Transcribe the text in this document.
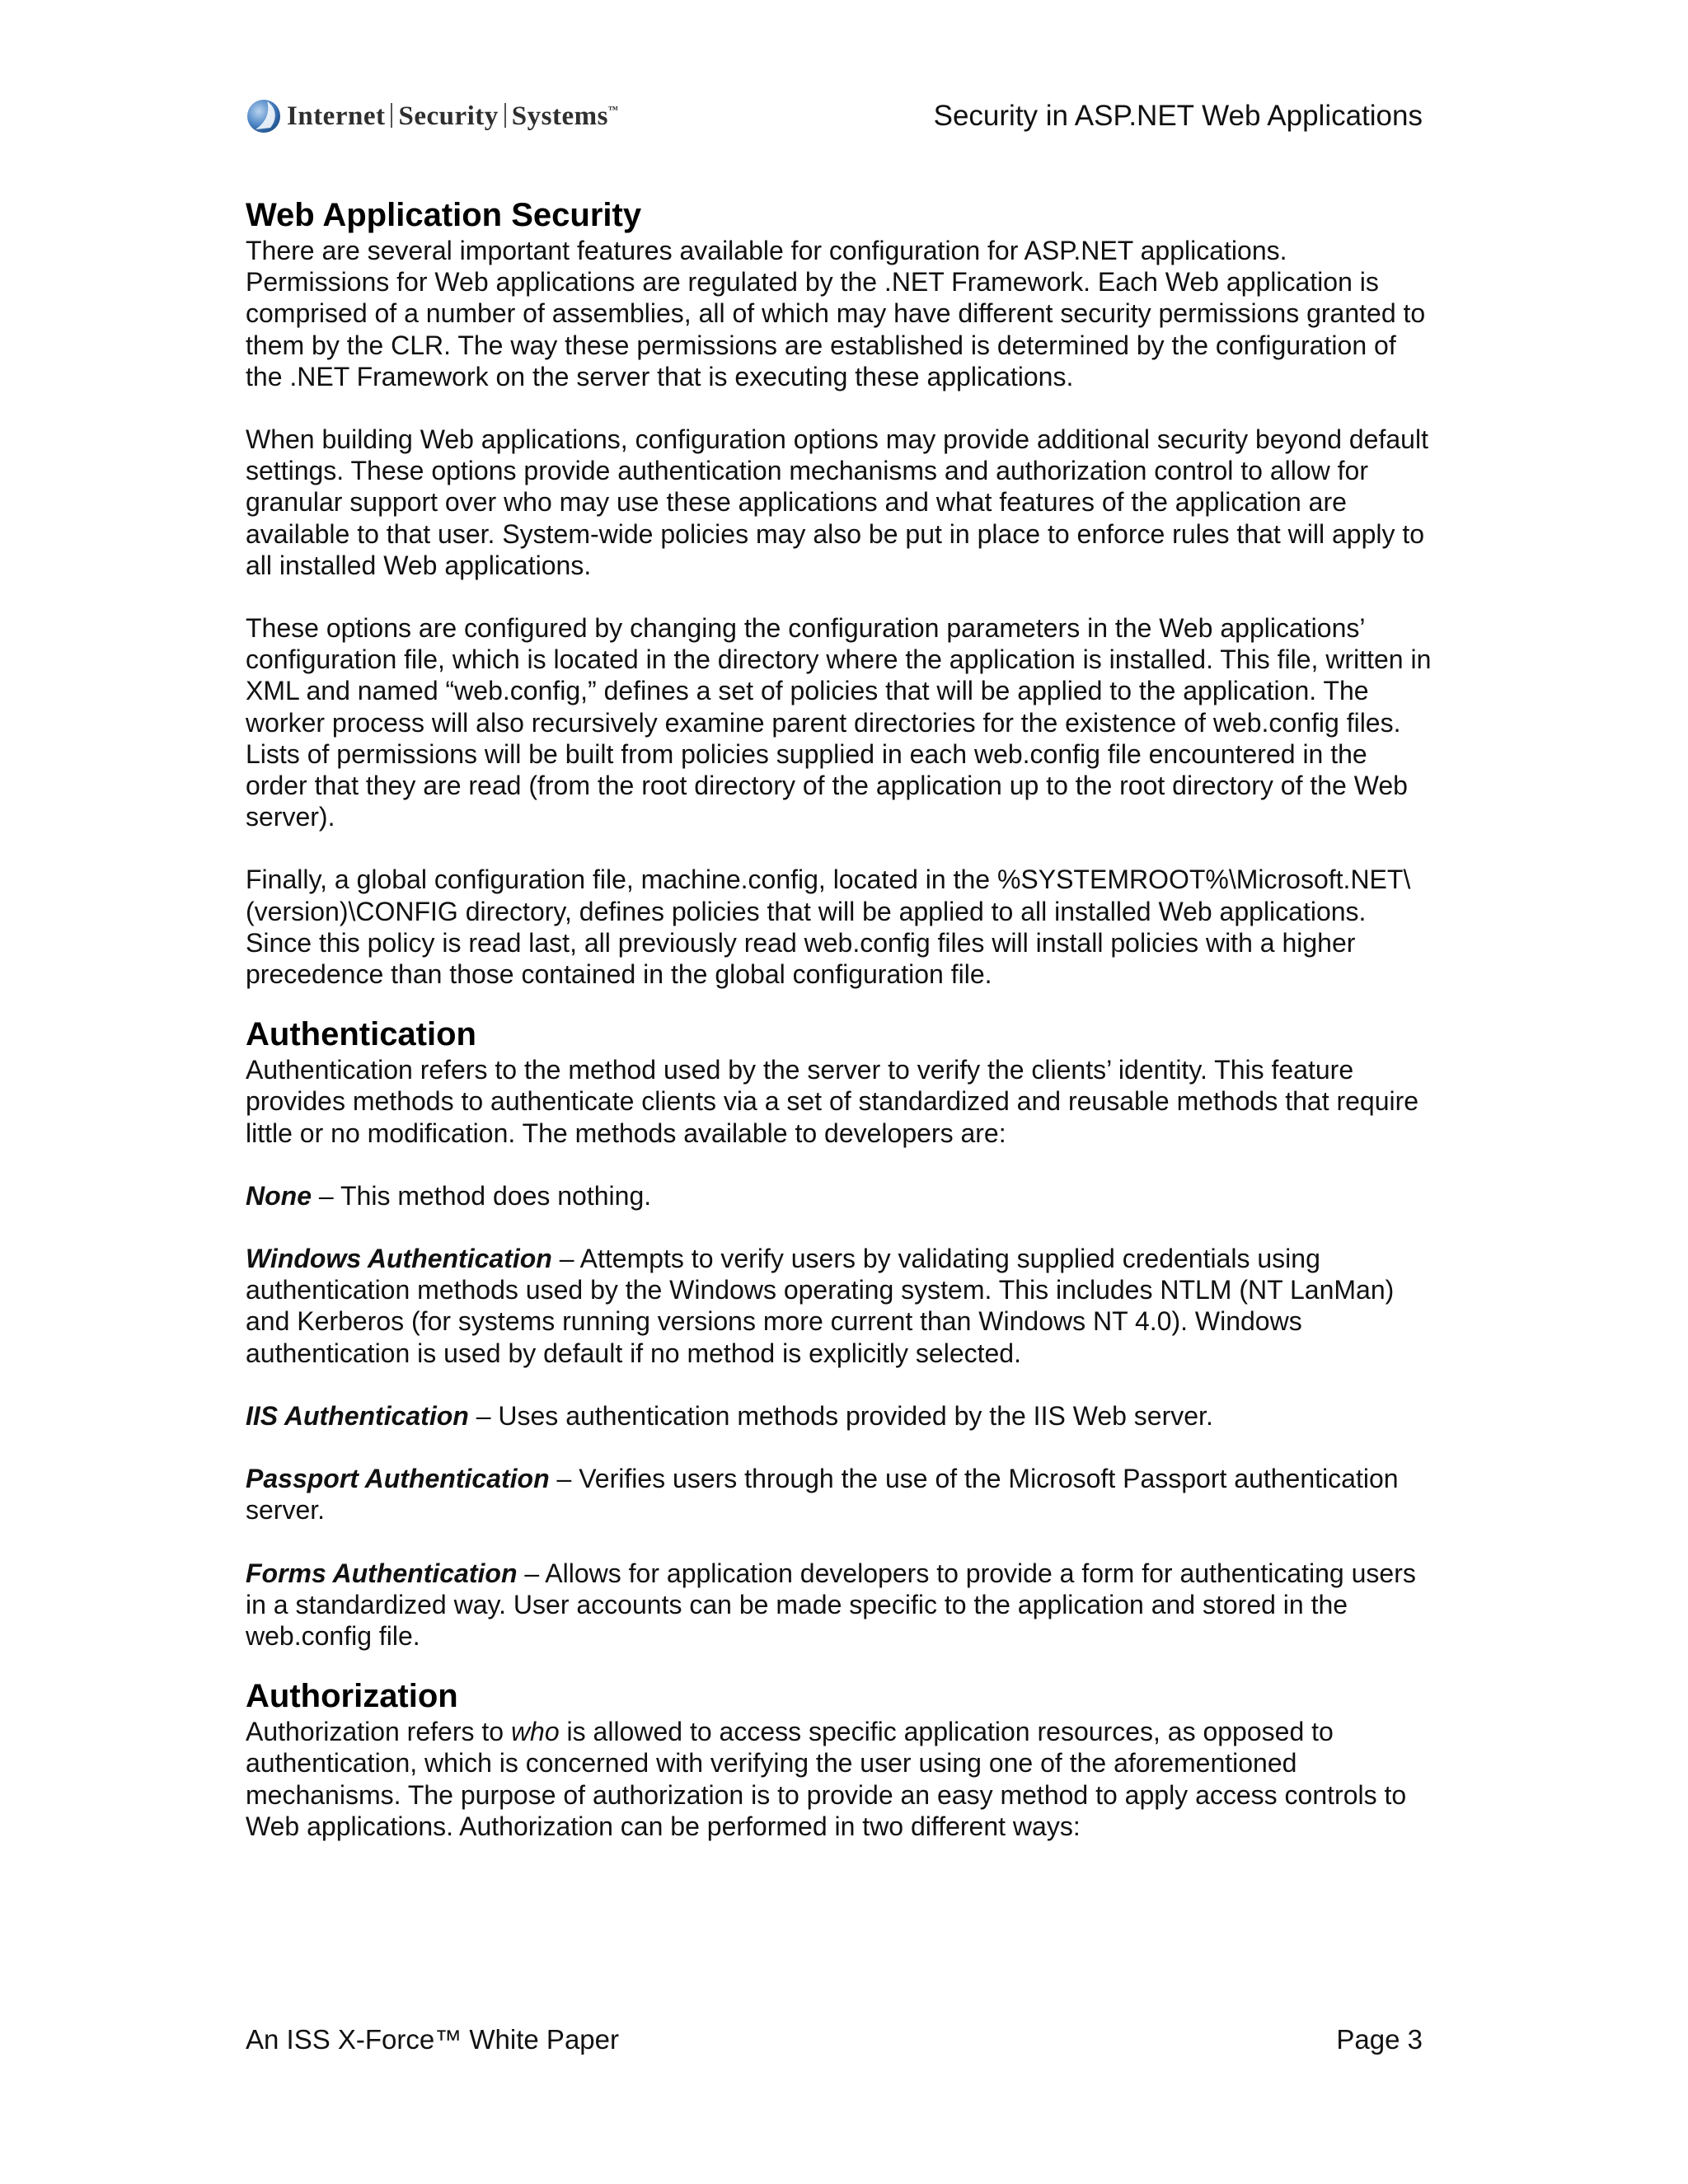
Internet Security Systems™	Security in ASP.NET Web Applications
Web Application Security

There are several important features available for configuration for ASP.NET applications. Permissions for Web applications are regulated by the .NET Framework. Each Web application is comprised of a number of assemblies, all of which may have different security permissions granted to them by the CLR. The way these permissions are established is determined by the configuration of the .NET Framework on the server that is executing these applications.

When building Web applications, configuration options may provide additional security beyond default settings. These options provide authentication mechanisms and authorization control to allow for granular support over who may use these applications and what features of the application are available to that user. System-wide policies may also be put in place to enforce rules that will apply to all installed Web applications.

These options are configured by changing the configuration parameters in the Web applications’ configuration file, which is located in the directory where the application is installed. This file, written in XML and named “web.config,” defines a set of policies that will be applied to the application. The worker process will also recursively examine parent directories for the existence of web.config files. Lists of permissions will be built from policies supplied in each web.config file encountered in the order that they are read (from the root directory of the application up to the root directory of the Web server).

Finally, a global configuration file, machine.config, located in the %SYSTEMROOT%\Microsoft.NET\(version)\CONFIG directory, defines policies that will be applied to all installed Web applications. Since this policy is read last, all previously read web.config files will install policies with a higher precedence than those contained in the global configuration file.

Authentication

Authentication refers to the method used by the server to verify the clients’ identity. This feature provides methods to authenticate clients via a set of standardized and reusable methods that require little or no modification. The methods available to developers are:

None – This method does nothing.

Windows Authentication – Attempts to verify users by validating supplied credentials using authentication methods used by the Windows operating system. This includes NTLM (NT LanMan) and Kerberos (for systems running versions more current than Windows NT 4.0). Windows authentication is used by default if no method is explicitly selected.

IIS Authentication – Uses authentication methods provided by the IIS Web server.

Passport Authentication – Verifies users through the use of the Microsoft Passport authentication server.

Forms Authentication – Allows for application developers to provide a form for authenticating users in a standardized way. User accounts can be made specific to the application and stored in the web.config file.

Authorization

Authorization refers to who is allowed to access specific application resources, as opposed to authentication, which is concerned with verifying the user using one of the aforementioned mechanisms. The purpose of authorization is to provide an easy method to apply access controls to Web applications. Authorization can be performed in two different ways:

An ISS X-Force™ White Paper	Page 3
